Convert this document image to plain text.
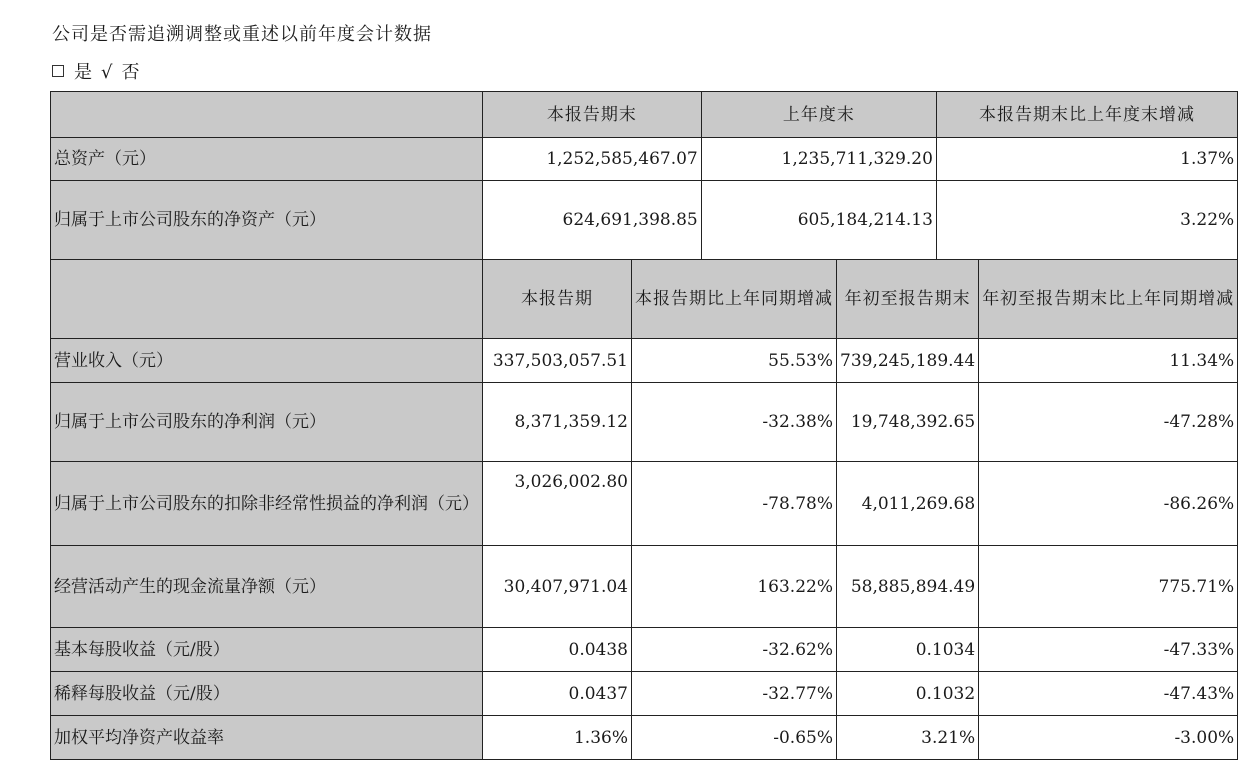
公司是否需追溯调整或重述以前年度会计数据
是 √ 否
	本报告期末		上年度末		本报告期末比上年度末增减	
总资产（元）	1,252,585,467.07		1,235,711,329.20		1.37%	
归属于上市公司股东的净资产（元）	624,691,398.85		605,184,214.13		3.22%	
	本报告期	本报告期比上年同期增减		年初至报告期末		年初至报告期末比上年同期增减
营业收入（元）	337,503,057.51	55.53%		739,245,189.44		11.34%
归属于上市公司股东的净利润（元）	8,371,359.12	-32.38%		19,748,392.65		-47.28%
归属于上市公司股东的扣除非经常性损益的净利润（元）	3,026,002.80	-78.78%		4,011,269.68		-86.26%
经营活动产生的现金流量净额（元）	30,407,971.04	163.22%		58,885,894.49		775.71%
基本每股收益（元/股）	0.0438	-32.62%		0.1034		-47.33%
稀释每股收益（元/股）	0.0437	-32.77%		0.1032		-47.43%
加权平均净资产收益率	1.36%	-0.65%		3.21%		-3.00%
